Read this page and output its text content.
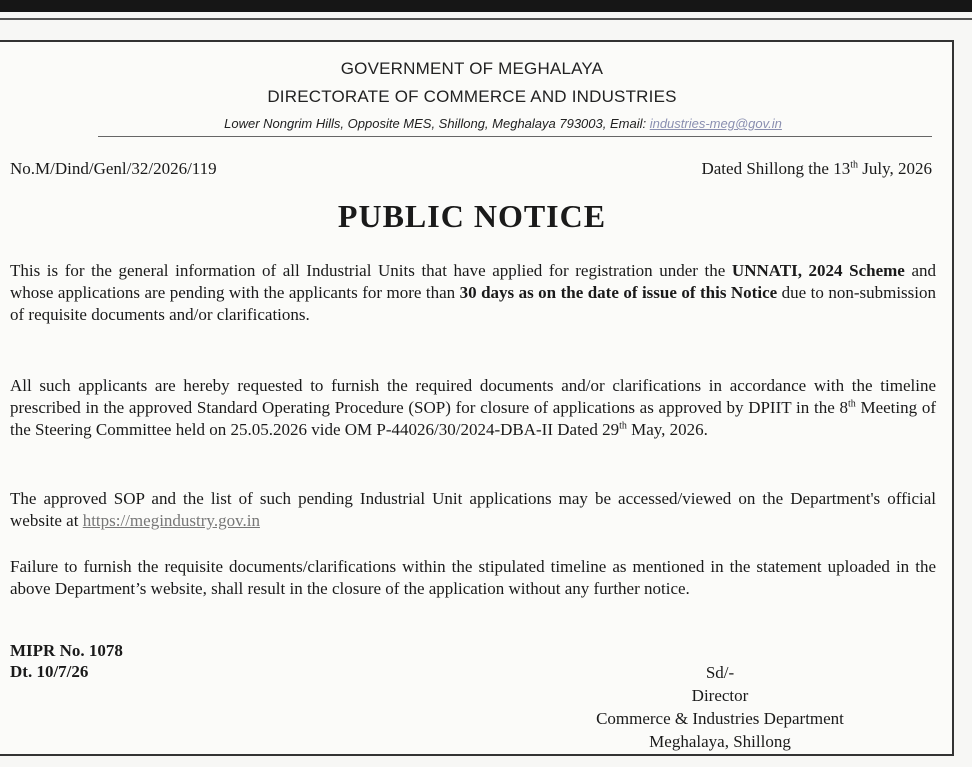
GOVERNMENT OF MEGHALAYA
DIRECTORATE OF COMMERCE AND INDUSTRIES
Lower Nongrim Hills, Opposite MES, Shillong, Meghalaya 793003, Email: industries-meg@gov.in
No.M/Dind/Genl/32/2026/119	Dated Shillong the 13th July, 2026
PUBLIC NOTICE
This is for the general information of all Industrial Units that have applied for registration under the UNNATI, 2024 Scheme and whose applications are pending with the applicants for more than 30 days as on the date of issue of this Notice due to non-submission of requisite documents and/or clarifications.
All such applicants are hereby requested to furnish the required documents and/or clarifications in accordance with the timeline prescribed in the approved Standard Operating Procedure (SOP) for closure of applications as approved by DPIIT in the 8th Meeting of the Steering Committee held on 25.05.2026 vide OM P-44026/30/2024-DBA-II Dated 29th May, 2026.
The approved SOP and the list of such pending Industrial Unit applications may be accessed/viewed on the Department's official website at https://megindustry.gov.in
Failure to furnish the requisite documents/clarifications within the stipulated timeline as mentioned in the statement uploaded in the above Department’s website, shall result in the closure of the application without any further notice.
MIPR No. 1078
Dt. 10/7/26	Sd/-
Director
Commerce & Industries Department
Meghalaya, Shillong
